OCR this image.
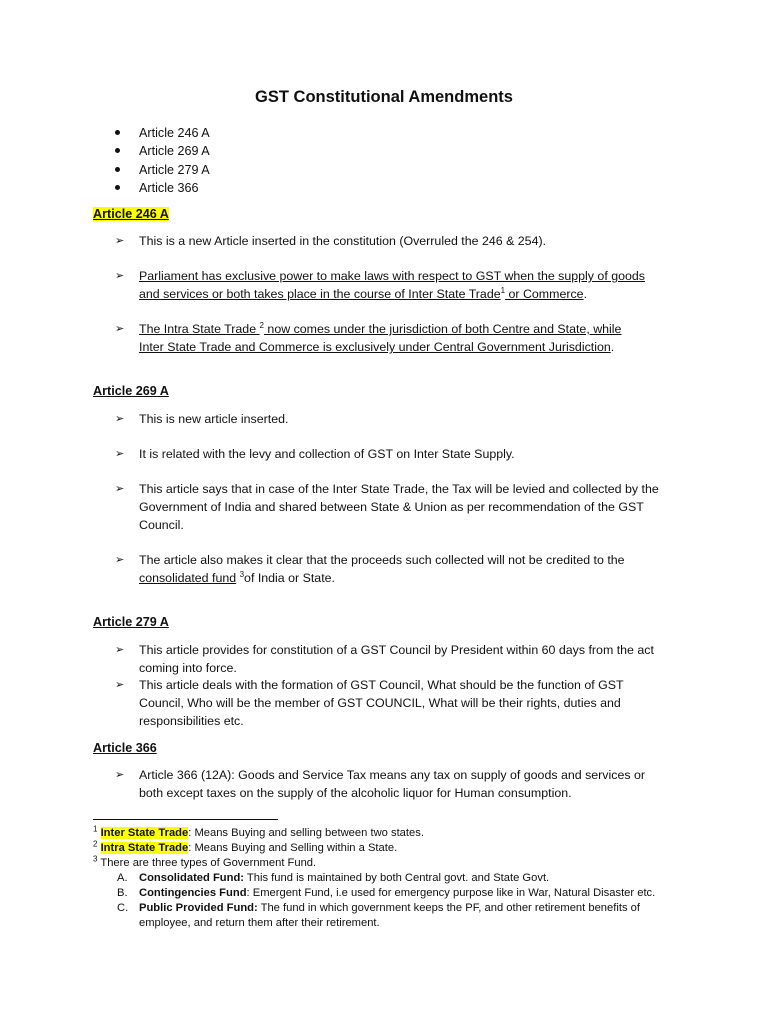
GST Constitutional Amendments
Article 246 A
Article 269 A
Article 279 A
Article 366
Article 246 A
➢ This is a new Article inserted in the constitution (Overruled the 246 & 254).
➢ Parliament has exclusive power to make laws with respect to GST when the supply of goods
and services or both takes place in the course of Inter State Trade$^1$ or Commerce.
➢ The Intra State Trade $^2$ now comes under the jurisdiction of both Centre and State, while
Inter State Trade and Commerce is exclusively under Central Government Jurisdiction.
Article 269 A
➢ This is new article inserted.
➢ It is related with the levy and collection of GST on Inter State Supply.
➢ This article says that in case of the Inter State Trade, the Tax will be levied and collected by the Government of India and shared between State & Union as per recommendation of the GST Council.
➢ The article also makes it clear that the proceeds such collected will not be credited to the
consolidated fund $^3$of India or State.
Article 279 A
➢ This article provides for constitution of a GST Council by President within 60 days from the act coming into force.
➢ This article deals with the formation of GST Council, What should be the function of GST Council, Who will be the member of GST COUNCIL, What will be their rights, duties and responsibilities etc.
Article 366
➢ Article 366 (12A): Goods and Service Tax means any tax on supply of goods and services or both except taxes on the supply of the alcoholic liquor for Human consumption.
$^1$ Inter State Trade: Means Buying and selling between two states.
$^2$ Intra State Trade: Means Buying and Selling within a State.
$^3$ There are three types of Government Fund.
A. Consolidated Fund: This fund is maintained by both Central govt. and State Govt.
B. Contingencies Fund: Emergent Fund, i.e used for emergency purpose like in War, Natural Disaster etc.
C. Public Provided Fund: The fund in which government keeps the PF, and other retirement benefits of employee, and return them after their retirement.
